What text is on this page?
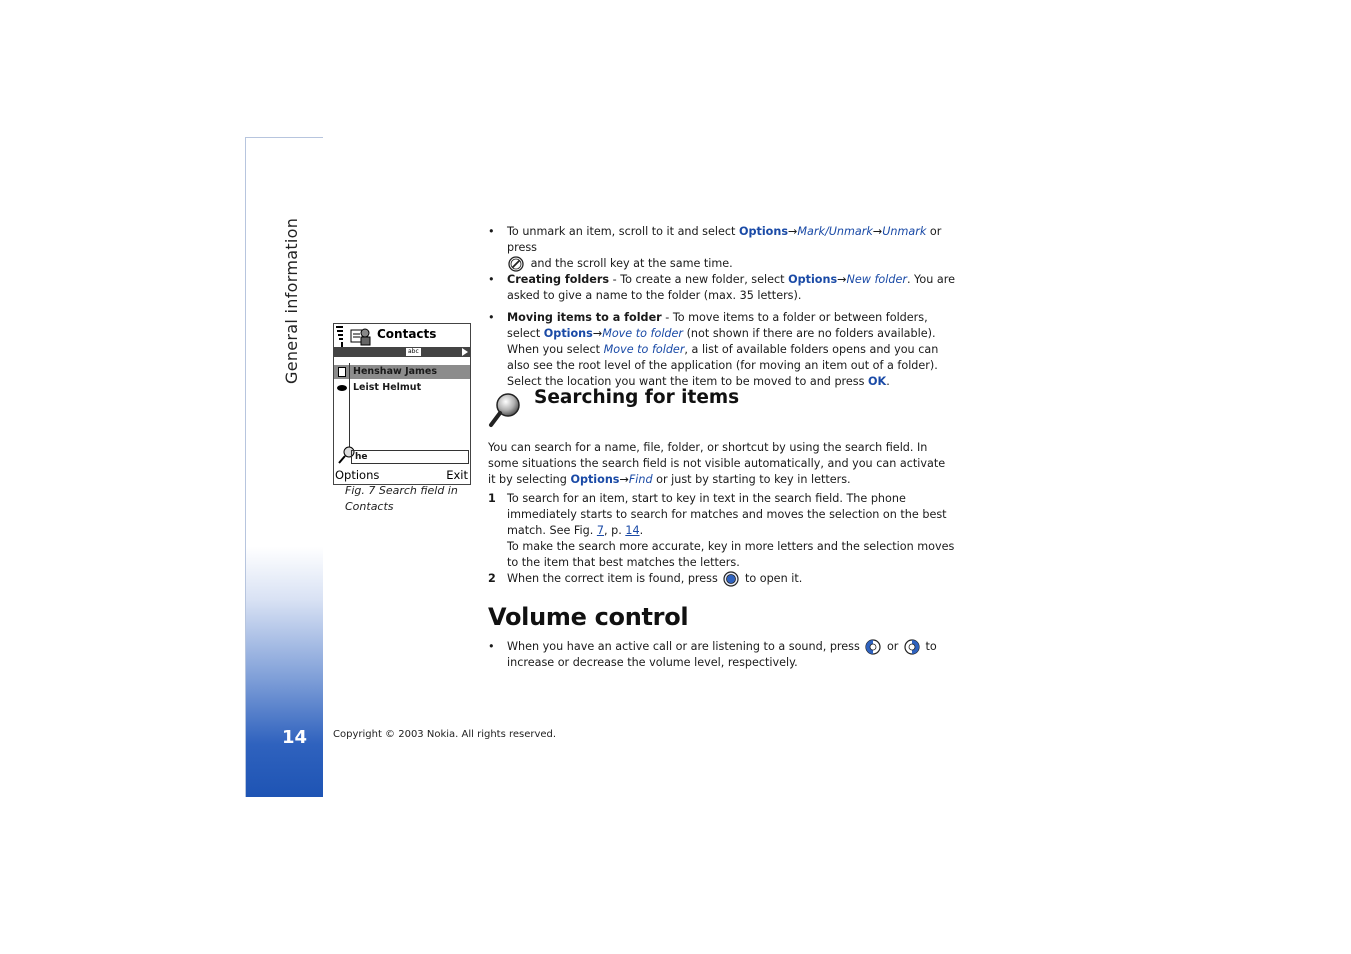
General information
14	Copyright © 2003 Nokia. All rights reserved.
Contacts
abc
Henshaw James
Leist Helmut
he
Options	Exit
Fig. 7 Search field in Contacts
• To unmark an item, scroll to it and select Options→Mark/Unmark→Unmark or press
and the scroll key at the same time.
• Creating folders - To create a new folder, select Options→New folder. You are asked to give a name to the folder (max. 35 letters).
• Moving items to a folder - To move items to a folder or between folders, select Options→Move to folder (not shown if there are no folders available). When you select Move to folder, a list of available folders opens and you can also see the root level of the application (for moving an item out of a folder). Select the location you want the item to be moved to and press OK.
Searching for items
You can search for a name, file, folder, or shortcut by using the search field. In some situations the search field is not visible automatically, and you can activate it by selecting Options→Find or just by starting to key in letters.
1 To search for an item, start to key in text in the search field. The phone immediately starts to search for matches and moves the selection on the best match. See Fig. 7, p. 14.
To make the search more accurate, key in more letters and the selection moves to the item that best matches the letters.
2 When the correct item is found, press to open it.
Volume control
• When you have an active call or are listening to a sound, press or to increase or decrease the volume level, respectively.
